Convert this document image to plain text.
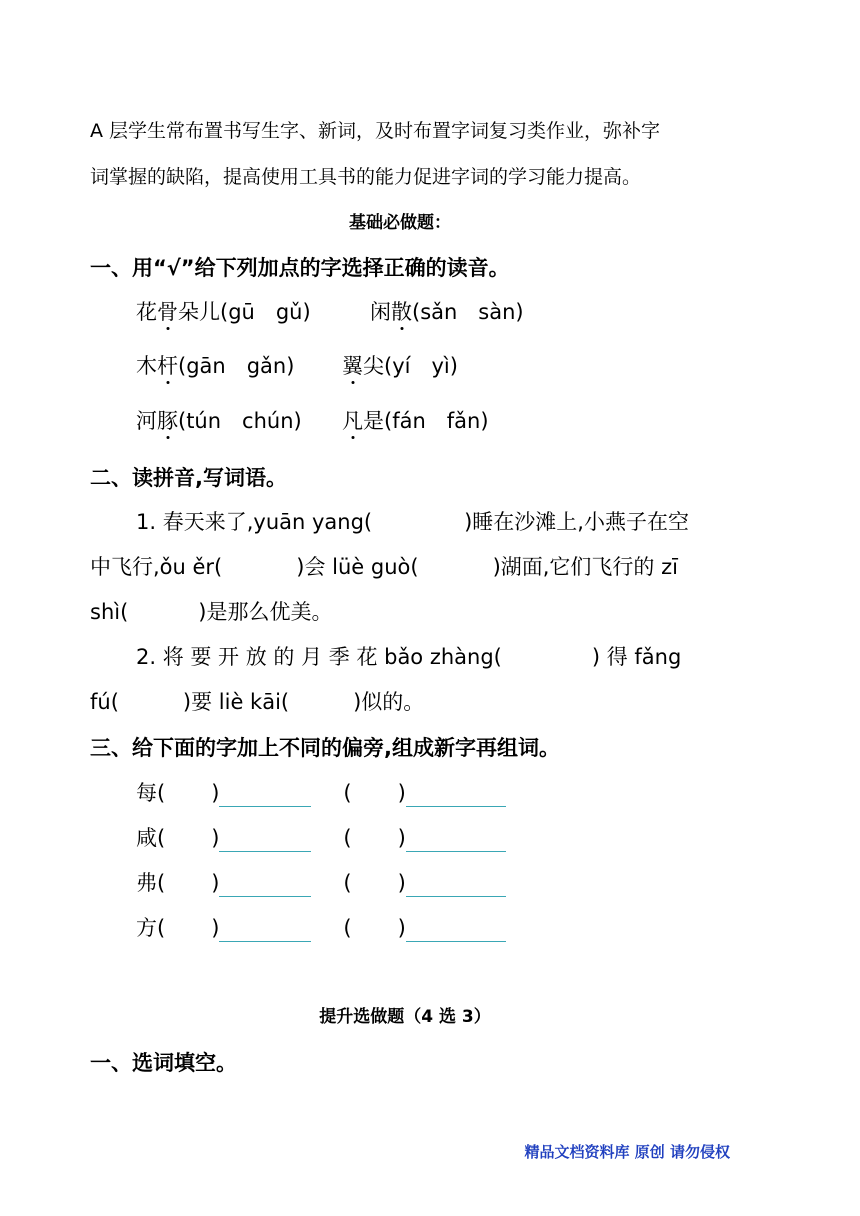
A 层学生常布置书写生字、新词，及时布置字词复习类作业，弥补字
词掌握的缺陷，提高使用工具书的能力促进字词的学习能力提高。
基础必做题：
一、用“√”给下列加点的字选择正确的读音。
花骨朵儿(gū　gǔ)	闲散(sǎn　sàn)
木杆(gān　gǎn) 翼尖(yí　yì)
河豚(tún　chún) 凡是(fán　fǎn)
二、读拼音,写词语。
1. 春天来了,yuān yang(	)睡在沙滩上,小燕子在空
中飞行,ǒu ěr(	)会 lüè guò(	)湖面,它们飞行的 zī
shì(	)是那么优美。
2. 将 要 开 放 的 月 季 花 bǎo zhàng(	) 得 fǎng
fú(	)要 liè kāi(	)似的。
三、给下面的字加上不同的偏旁,组成新字再组词。
每( )	( )
咸( )	( )
弗( )	( )
方( )	( )
提升选做题（4 选 3）
一、选词填空。
精品文档资料库 原创 请勿侵权
